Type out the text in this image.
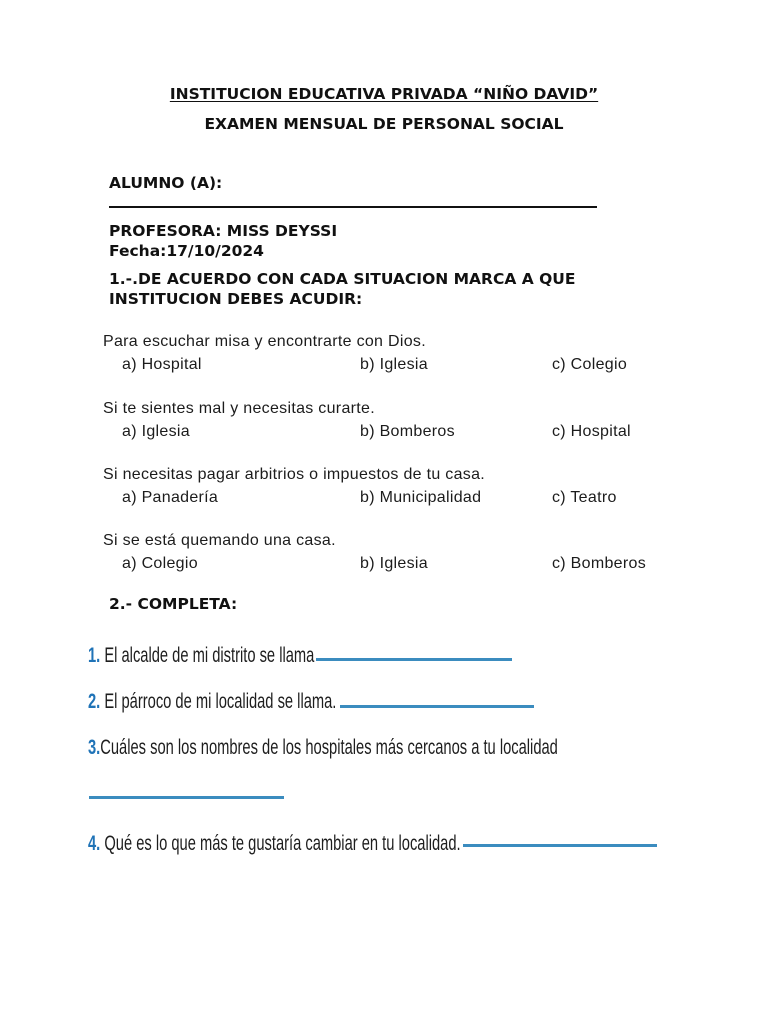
INSTITUCION EDUCATIVA PRIVADA “NIÑO DAVID”
EXAMEN MENSUAL DE PERSONAL SOCIAL
ALUMNO (A):
PROFESORA: MISS DEYSSI
Fecha:17/10/2024
1.-.DE ACUERDO CON CADA SITUACION MARCA A QUE
INSTITUCION DEBES ACUDIR:
Para escuchar misa y encontrarte con Dios.
a) Hospital	b) Iglesia	c) Colegio
Si te sientes mal y necesitas curarte.
a) Iglesia	b) Bomberos	c) Hospital
Si necesitas pagar arbitrios o impuestos de tu casa.
a) Panadería	b) Municipalidad	c) Teatro
Si se está quemando una casa.
a) Colegio	b) Iglesia	c) Bomberos
2.- COMPLETA:
1. El alcalde de mi distrito se llama
2. El párroco de mi localidad se llama.
3.Cuáles son los nombres de los hospitales más cercanos a tu localidad
4. Qué es lo que más te gustaría cambiar en tu localidad.
